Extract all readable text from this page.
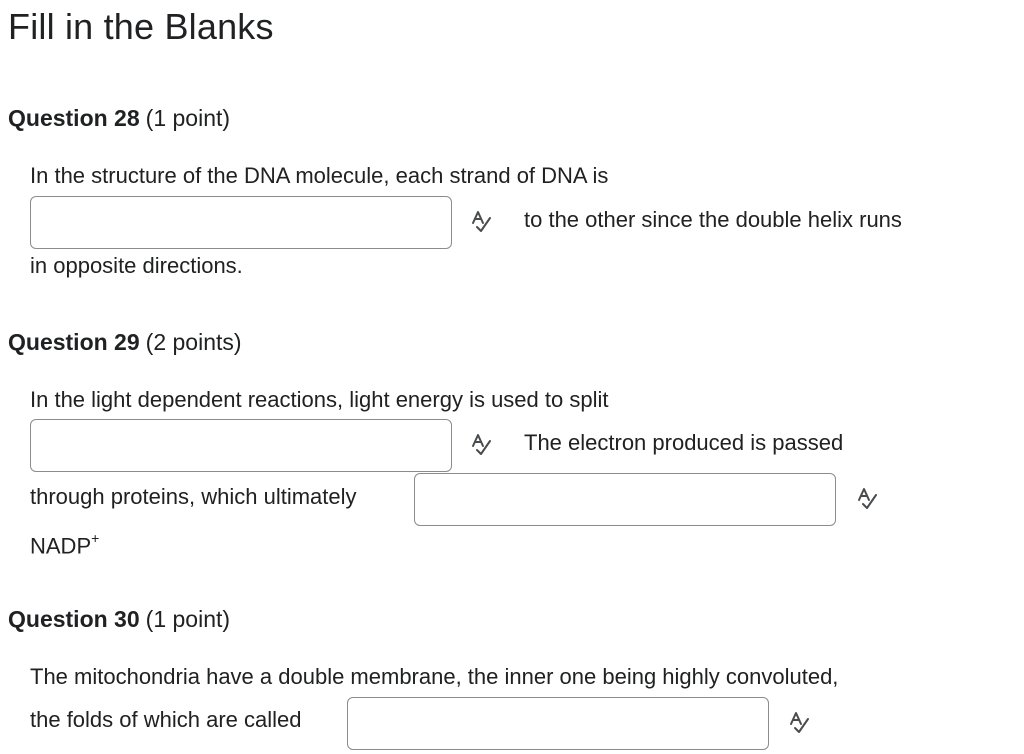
Fill in the Blanks
Question 28 (1 point)
In the structure of the DNA molecule, each strand of DNA is
to the other since the double helix runs
in opposite directions.
Question 29 (2 points)
In the light dependent reactions, light energy is used to split
The electron produced is passed
through proteins, which ultimately
NADP+
Question 30 (1 point)
The mitochondria have a double membrane, the inner one being highly convoluted,
the folds of which are called
